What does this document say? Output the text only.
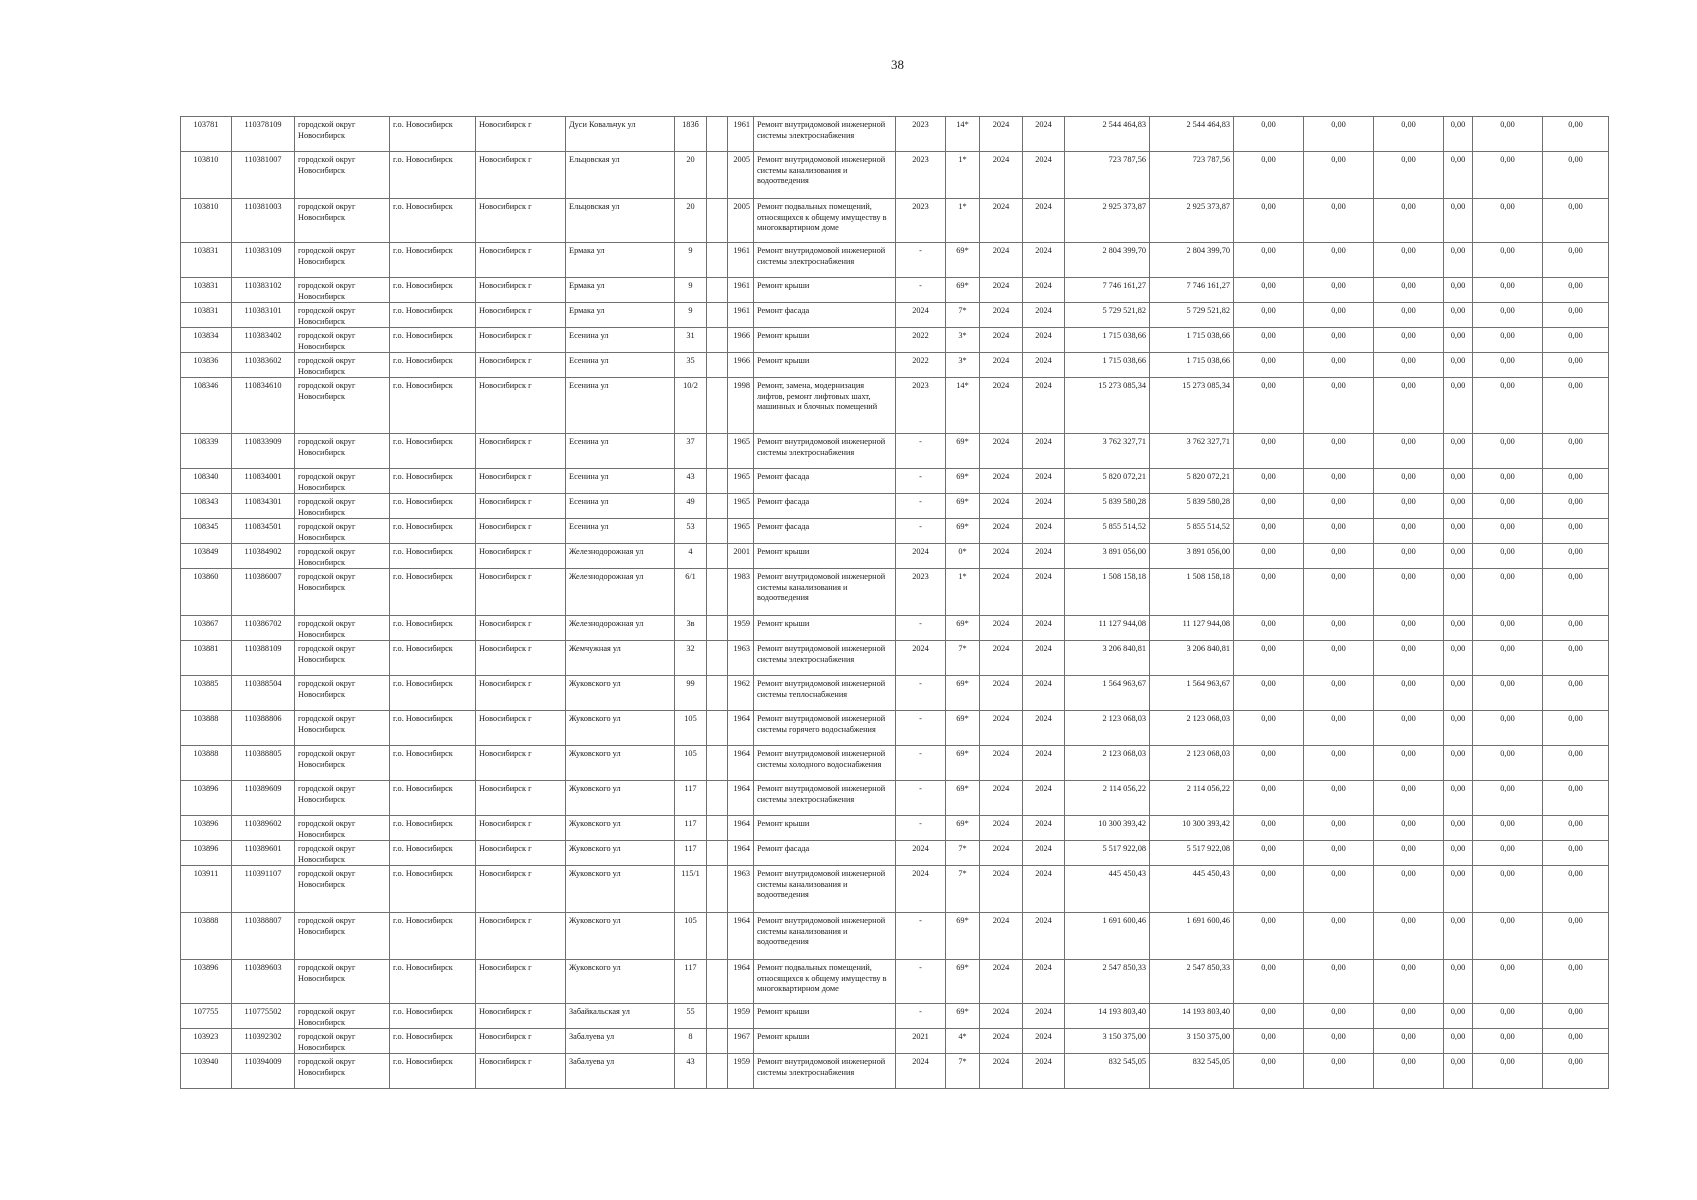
38
103781	110378109	городской округ Новосибирск	г.о. Новосибирск	Новосибирск г	Дуси Ковальчук ул	183б		1961	Ремонт внутридомовой инженерной системы электроснабжения	2023	14*	2024	2024	2 544 464,83	2 544 464,83	0,00	0,00	0,00	0,00	0,00	0,00
103810	110381007	городской округ Новосибирск	г.о. Новосибирск	Новосибирск г	Ельцовская ул	20		2005	Ремонт внутридомовой инженерной системы канализования и водоотведения	2023	1*	2024	2024	723 787,56	723 787,56	0,00	0,00	0,00	0,00	0,00	0,00
103810	110381003	городской округ Новосибирск	г.о. Новосибирск	Новосибирск г	Ельцовская ул	20		2005	Ремонт подвальных помещений, относящихся к общему имуществу в многоквартирном доме	2023	1*	2024	2024	2 925 373,87	2 925 373,87	0,00	0,00	0,00	0,00	0,00	0,00
103831	110383109	городской округ Новосибирск	г.о. Новосибирск	Новосибирск г	Ермака ул	9		1961	Ремонт внутридомовой инженерной системы электроснабжения	-	69*	2024	2024	2 804 399,70	2 804 399,70	0,00	0,00	0,00	0,00	0,00	0,00
103831	110383102	городской округ Новосибирск	г.о. Новосибирск	Новосибирск г	Ермака ул	9		1961	Ремонт крыши	-	69*	2024	2024	7 746 161,27	7 746 161,27	0,00	0,00	0,00	0,00	0,00	0,00
103831	110383101	городской округ Новосибирск	г.о. Новосибирск	Новосибирск г	Ермака ул	9		1961	Ремонт фасада	2024	7*	2024	2024	5 729 521,82	5 729 521,82	0,00	0,00	0,00	0,00	0,00	0,00
103834	110383402	городской округ Новосибирск	г.о. Новосибирск	Новосибирск г	Есенина ул	31		1966	Ремонт крыши	2022	3*	2024	2024	1 715 038,66	1 715 038,66	0,00	0,00	0,00	0,00	0,00	0,00
103836	110383602	городской округ Новосибирск	г.о. Новосибирск	Новосибирск г	Есенина ул	35		1966	Ремонт крыши	2022	3*	2024	2024	1 715 038,66	1 715 038,66	0,00	0,00	0,00	0,00	0,00	0,00
108346	110834610	городской округ Новосибирск	г.о. Новосибирск	Новосибирск г	Есенина ул	10/2		1998	Ремонт, замена, модернизация лифтов, ремонт лифтовых шахт, машинных и блочных помещений	2023	14*	2024	2024	15 273 085,34	15 273 085,34	0,00	0,00	0,00	0,00	0,00	0,00
108339	110833909	городской округ Новосибирск	г.о. Новосибирск	Новосибирск г	Есенина ул	37		1965	Ремонт внутридомовой инженерной системы электроснабжения	-	69*	2024	2024	3 762 327,71	3 762 327,71	0,00	0,00	0,00	0,00	0,00	0,00
108340	110834001	городской округ Новосибирск	г.о. Новосибирск	Новосибирск г	Есенина ул	43		1965	Ремонт фасада	-	69*	2024	2024	5 820 072,21	5 820 072,21	0,00	0,00	0,00	0,00	0,00	0,00
108343	110834301	городской округ Новосибирск	г.о. Новосибирск	Новосибирск г	Есенина ул	49		1965	Ремонт фасада	-	69*	2024	2024	5 839 580,28	5 839 580,28	0,00	0,00	0,00	0,00	0,00	0,00
108345	110834501	городской округ Новосибирск	г.о. Новосибирск	Новосибирск г	Есенина ул	53		1965	Ремонт фасада	-	69*	2024	2024	5 855 514,52	5 855 514,52	0,00	0,00	0,00	0,00	0,00	0,00
103849	110384902	городской округ Новосибирск	г.о. Новосибирск	Новосибирск г	Железнодорожная ул	4		2001	Ремонт крыши	2024	0*	2024	2024	3 891 056,00	3 891 056,00	0,00	0,00	0,00	0,00	0,00	0,00
103860	110386007	городской округ Новосибирск	г.о. Новосибирск	Новосибирск г	Железнодорожная ул	6/1		1983	Ремонт внутридомовой инженерной системы канализования и водоотведения	2023	1*	2024	2024	1 508 158,18	1 508 158,18	0,00	0,00	0,00	0,00	0,00	0,00
103867	110386702	городской округ Новосибирск	г.о. Новосибирск	Новосибирск г	Железнодорожная ул	3в		1959	Ремонт крыши	-	69*	2024	2024	11 127 944,08	11 127 944,08	0,00	0,00	0,00	0,00	0,00	0,00
103881	110388109	городской округ Новосибирск	г.о. Новосибирск	Новосибирск г	Жемчужная ул	32		1963	Ремонт внутридомовой инженерной системы электроснабжения	2024	7*	2024	2024	3 206 840,81	3 206 840,81	0,00	0,00	0,00	0,00	0,00	0,00
103885	110388504	городской округ Новосибирск	г.о. Новосибирск	Новосибирск г	Жуковского ул	99		1962	Ремонт внутридомовой инженерной системы теплоснабжения	-	69*	2024	2024	1 564 963,67	1 564 963,67	0,00	0,00	0,00	0,00	0,00	0,00
103888	110388806	городской округ Новосибирск	г.о. Новосибирск	Новосибирск г	Жуковского ул	105		1964	Ремонт внутридомовой инженерной системы горячего водоснабжения	-	69*	2024	2024	2 123 068,03	2 123 068,03	0,00	0,00	0,00	0,00	0,00	0,00
103888	110388805	городской округ Новосибирск	г.о. Новосибирск	Новосибирск г	Жуковского ул	105		1964	Ремонт внутридомовой инженерной системы холодного водоснабжения	-	69*	2024	2024	2 123 068,03	2 123 068,03	0,00	0,00	0,00	0,00	0,00	0,00
103896	110389609	городской округ Новосибирск	г.о. Новосибирск	Новосибирск г	Жуковского ул	117		1964	Ремонт внутридомовой инженерной системы электроснабжения	-	69*	2024	2024	2 114 056,22	2 114 056,22	0,00	0,00	0,00	0,00	0,00	0,00
103896	110389602	городской округ Новосибирск	г.о. Новосибирск	Новосибирск г	Жуковского ул	117		1964	Ремонт крыши	-	69*	2024	2024	10 300 393,42	10 300 393,42	0,00	0,00	0,00	0,00	0,00	0,00
103896	110389601	городской округ Новосибирск	г.о. Новосибирск	Новосибирск г	Жуковского ул	117		1964	Ремонт фасада	2024	7*	2024	2024	5 517 922,08	5 517 922,08	0,00	0,00	0,00	0,00	0,00	0,00
103911	110391107	городской округ Новосибирск	г.о. Новосибирск	Новосибирск г	Жуковского ул	115/1		1963	Ремонт внутридомовой инженерной системы канализования и водоотведения	2024	7*	2024	2024	445 450,43	445 450,43	0,00	0,00	0,00	0,00	0,00	0,00
103888	110388807	городской округ Новосибирск	г.о. Новосибирск	Новосибирск г	Жуковского ул	105		1964	Ремонт внутридомовой инженерной системы канализования и водоотведения	-	69*	2024	2024	1 691 600,46	1 691 600,46	0,00	0,00	0,00	0,00	0,00	0,00
103896	110389603	городской округ Новосибирск	г.о. Новосибирск	Новосибирск г	Жуковского ул	117		1964	Ремонт подвальных помещений, относящихся к общему имуществу в многоквартирном доме	-	69*	2024	2024	2 547 850,33	2 547 850,33	0,00	0,00	0,00	0,00	0,00	0,00
107755	110775502	городской округ Новосибирск	г.о. Новосибирск	Новосибирск г	Забайкальская ул	55		1959	Ремонт крыши	-	69*	2024	2024	14 193 803,40	14 193 803,40	0,00	0,00	0,00	0,00	0,00	0,00
103923	110392302	городской округ Новосибирск	г.о. Новосибирск	Новосибирск г	Забалуева ул	8		1967	Ремонт крыши	2021	4*	2024	2024	3 150 375,00	3 150 375,00	0,00	0,00	0,00	0,00	0,00	0,00
103940	110394009	городской округ Новосибирск	г.о. Новосибирск	Новосибирск г	Забалуева ул	43		1959	Ремонт внутридомовой инженерной системы электроснабжения	2024	7*	2024	2024	832 545,05	832 545,05	0,00	0,00	0,00	0,00	0,00	0,00
